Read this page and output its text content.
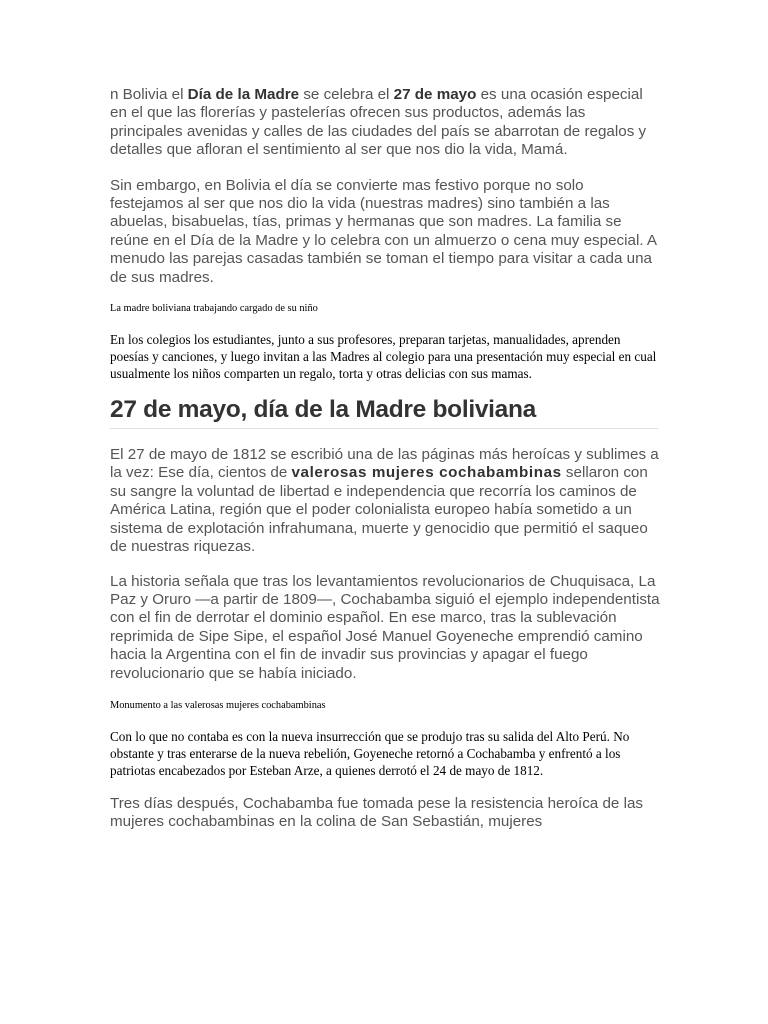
n Bolivia el Día de la Madre se celebra el 27 de mayo es una ocasión especial en el que las florerías y pastelerías ofrecen sus productos, además las principales avenidas y calles de las ciudades del país se abarrotan de regalos y detalles que afloran el sentimiento al ser que nos dio la vida, Mamá.

Sin embargo, en Bolivia el día se convierte mas festivo porque no solo festejamos al ser que nos dio la vida (nuestras madres) sino también a las abuelas, bisabuelas, tías, primas y hermanas que son madres. La familia se reúne en el Día de la Madre y lo celebra con un almuerzo o cena muy especial. A menudo las parejas casadas también se toman el tiempo para visitar a cada una de sus madres.

La madre boliviana trabajando cargado de su niño

En los colegios los estudiantes, junto a sus profesores, preparan tarjetas, manualidades, aprenden poesías y canciones, y luego invitan a las Madres al colegio para una presentación muy especial en cual usualmente los niños comparten un regalo, torta y otras delicias con sus mamas.

27 de mayo, día de la Madre boliviana

El 27 de mayo de 1812 se escribió una de las páginas más heroícas y sublimes a la vez: Ese día, cientos de valerosas mujeres cochabambinas sellaron con su sangre la voluntad de libertad e independencia que recorría los caminos de América Latina, región que el poder colonialista europeo había sometido a un sistema de explotación infrahumana, muerte y genocidio que permitió el saqueo de nuestras riquezas.

La historia señala que tras los levantamientos revolucionarios de Chuquisaca, La Paz y Oruro —a partir de 1809—, Cochabamba siguió el ejemplo independentista con el fin de derrotar el dominio español. En ese marco, tras la sublevación reprimida de Sipe Sipe, el español José Manuel Goyeneche emprendió camino hacia la Argentina con el fin de invadir sus provincias y apagar el fuego revolucionario que se había iniciado.

Monumento a las valerosas mujeres cochabambinas

Con lo que no contaba es con la nueva insurrección que se produjo tras su salida del Alto Perú. No obstante y tras enterarse de la nueva rebelión, Goyeneche retornó a Cochabamba y enfrentó a los patriotas encabezados por Esteban Arze, a quienes derrotó el 24 de mayo de 1812.

Tres días después, Cochabamba fue tomada pese la resistencia heroíca de las mujeres cochabambinas en la colina de San Sebastián, mujeres
